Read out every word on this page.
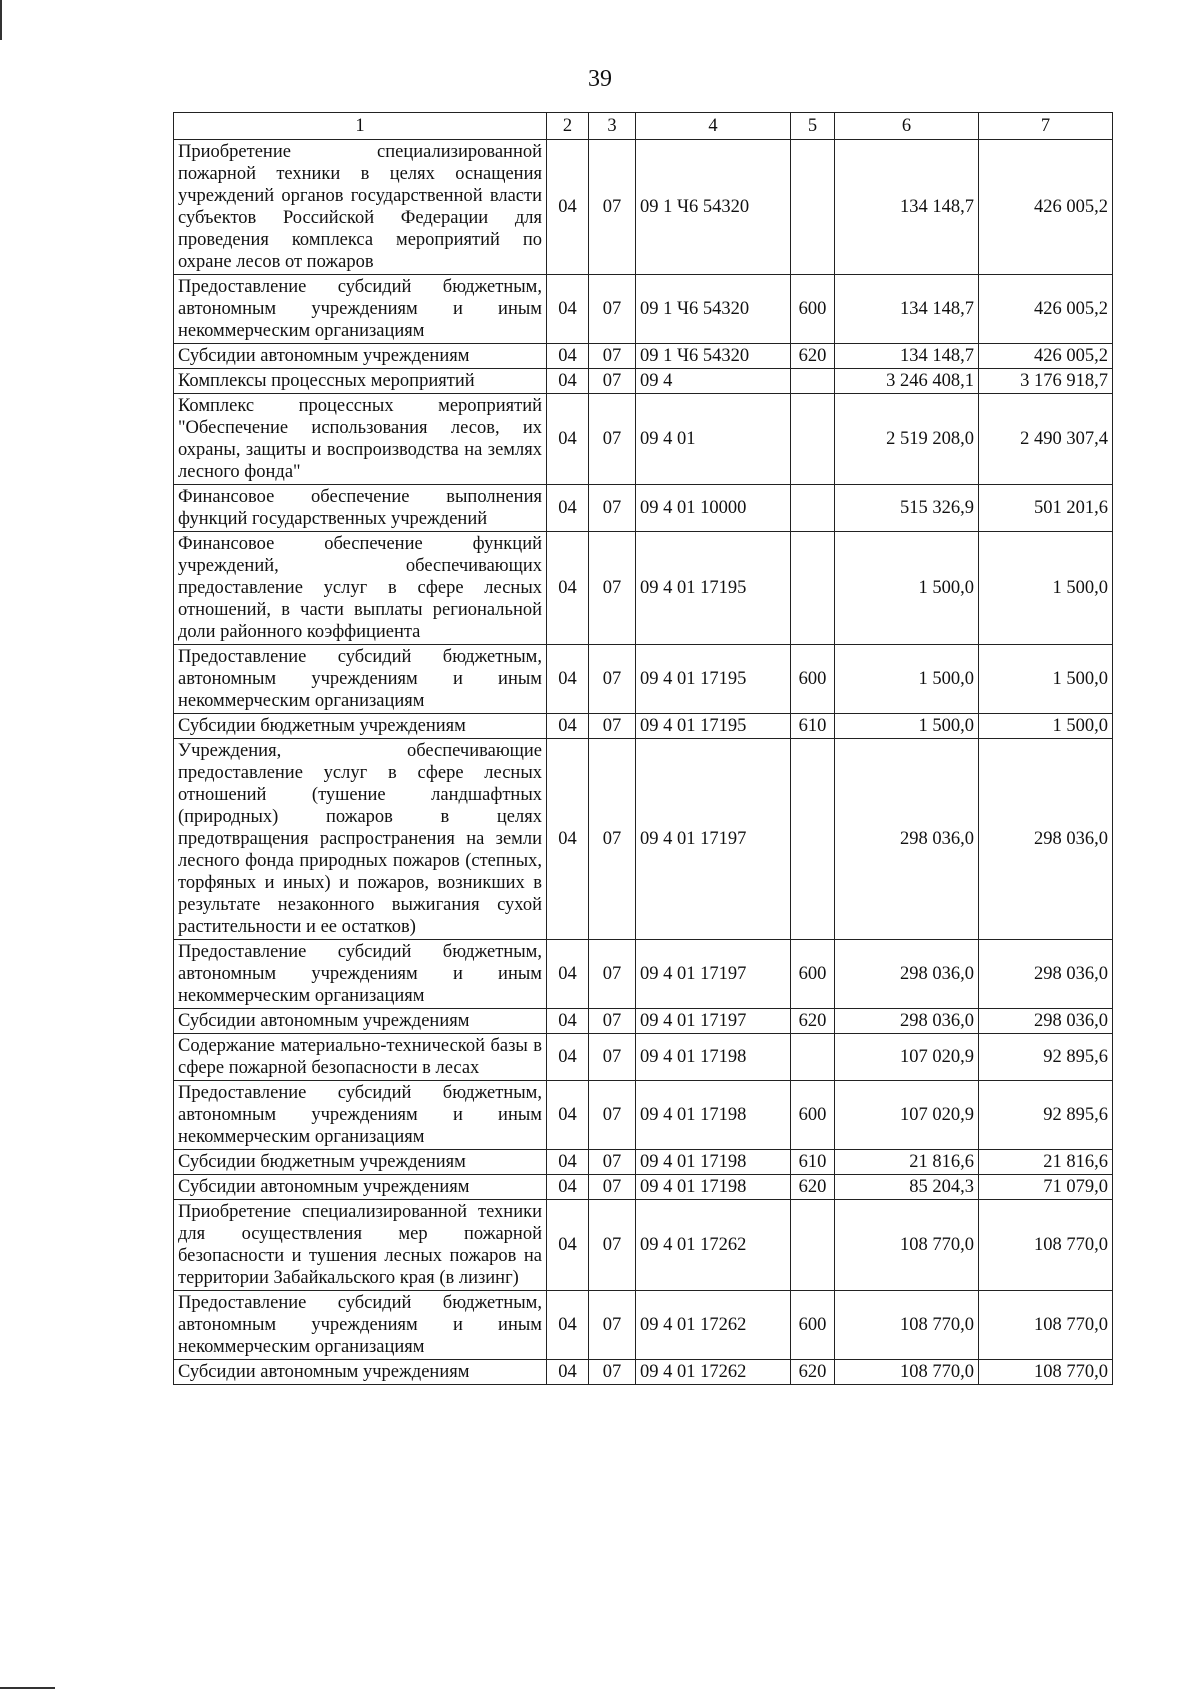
39
1	2	3	4	5	6	7
Приобретение специализированной пожарной техники в целях оснащения учреждений органов государственной власти субъектов Российской Федерации для проведения комплекса мероприятий по охране лесов от пожаров	04	07	09 1 Ч6 54320		134 148,7	426 005,2
Предоставление субсидий бюджетным, автономным учреждениям и иным некоммерческим организациям	04	07	09 1 Ч6 54320	600	134 148,7	426 005,2
Субсидии автономным учреждениям	04	07	09 1 Ч6 54320	620	134 148,7	426 005,2
Комплексы процессных мероприятий	04	07	09 4		3 246 408,1	3 176 918,7
Комплекс процессных мероприятий "Обеспечение использования лесов, их охраны, защиты и воспроизводства на землях лесного фонда"	04	07	09 4 01		2 519 208,0	2 490 307,4
Финансовое обеспечение выполнения функций государственных учреждений	04	07	09 4 01 10000		515 326,9	501 201,6
Финансовое обеспечение функций учреждений, обеспечивающих предоставление услуг в сфере лесных отношений, в части выплаты региональной доли районного коэффициента	04	07	09 4 01 17195		1 500,0	1 500,0
Предоставление субсидий бюджетным, автономным учреждениям и иным некоммерческим организациям	04	07	09 4 01 17195	600	1 500,0	1 500,0
Субсидии бюджетным учреждениям	04	07	09 4 01 17195	610	1 500,0	1 500,0
Учреждения, обеспечивающие предоставление услуг в сфере лесных отношений (тушение ландшафтных (природных) пожаров в целях предотвращения распространения на земли лесного фонда природных пожаров (степных, торфяных и иных) и пожаров, возникших в результате незаконного выжигания сухой растительности и ее остатков)	04	07	09 4 01 17197		298 036,0	298 036,0
Предоставление субсидий бюджетным, автономным учреждениям и иным некоммерческим организациям	04	07	09 4 01 17197	600	298 036,0	298 036,0
Субсидии автономным учреждениям	04	07	09 4 01 17197	620	298 036,0	298 036,0
Содержание материально-технической базы в сфере пожарной безопасности в лесах	04	07	09 4 01 17198		107 020,9	92 895,6
Предоставление субсидий бюджетным, автономным учреждениям и иным некоммерческим организациям	04	07	09 4 01 17198	600	107 020,9	92 895,6
Субсидии бюджетным учреждениям	04	07	09 4 01 17198	610	21 816,6	21 816,6
Субсидии автономным учреждениям	04	07	09 4 01 17198	620	85 204,3	71 079,0
Приобретение специализированной техники для осуществления мер пожарной безопасности и тушения лесных пожаров на территории Забайкальского края (в лизинг)	04	07	09 4 01 17262		108 770,0	108 770,0
Предоставление субсидий бюджетным, автономным учреждениям и иным некоммерческим организациям	04	07	09 4 01 17262	600	108 770,0	108 770,0
Субсидии автономным учреждениям	04	07	09 4 01 17262	620	108 770,0	108 770,0
